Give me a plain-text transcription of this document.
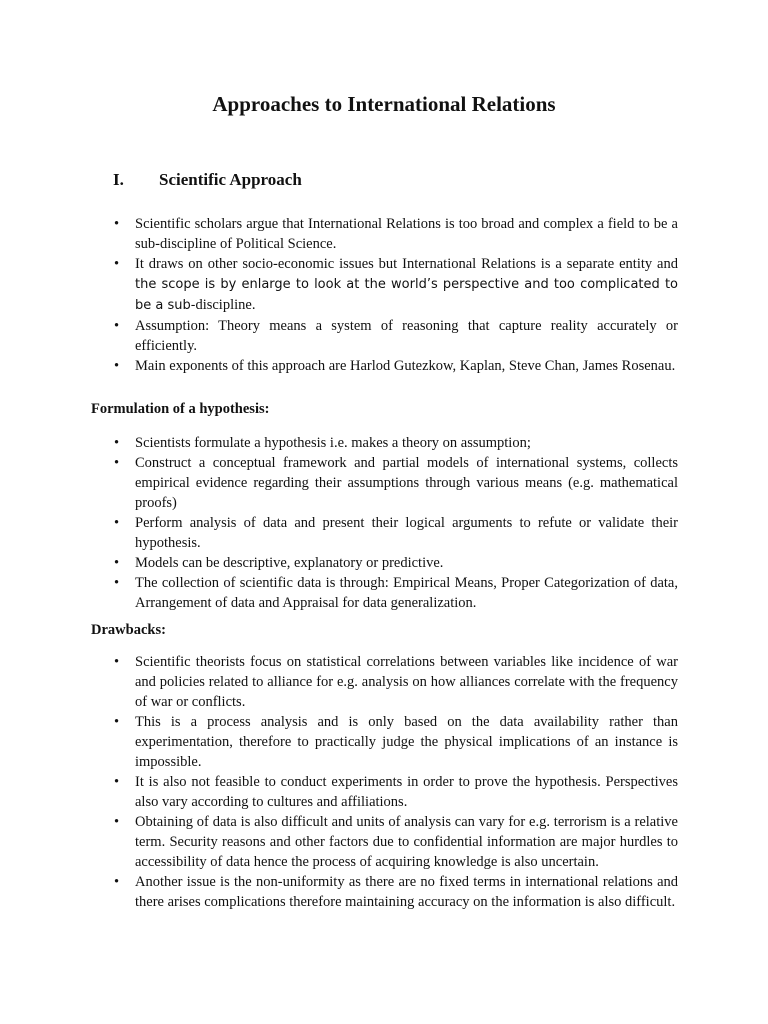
Approaches to International Relations
I. Scientific Approach
• Scientific scholars argue that International Relations is too broad and complex a field to be a sub-discipline of Political Science.
• It draws on other socio-economic issues but International Relations is a separate entity and the scope is by enlarge to look at the world’s perspective and too complicated to be a sub-discipline.
• Assumption: Theory means a system of reasoning that capture reality accurately or efficiently.
• Main exponents of this approach are Harlod Gutezkow, Kaplan, Steve Chan, James Rosenau.
Formulation of a hypothesis:
• Scientists formulate a hypothesis i.e. makes a theory on assumption;
• Construct a conceptual framework and partial models of international systems, collects empirical evidence regarding their assumptions through various means (e.g. mathematical proofs)
• Perform analysis of data and present their logical arguments to refute or validate their hypothesis.
• Models can be descriptive, explanatory or predictive.
• The collection of scientific data is through: Empirical Means, Proper Categorization of data, Arrangement of data and Appraisal for data generalization.
Drawbacks:
• Scientific theorists focus on statistical correlations between variables like incidence of war and policies related to alliance for e.g. analysis on how alliances correlate with the frequency of war or conflicts.
• This is a process analysis and is only based on the data availability rather than experimentation, therefore to practically judge the physical implications of an instance is impossible.
• It is also not feasible to conduct experiments in order to prove the hypothesis. Perspectives also vary according to cultures and affiliations.
• Obtaining of data is also difficult and units of analysis can vary for e.g. terrorism is a relative term. Security reasons and other factors due to confidential information are major hurdles to accessibility of data hence the process of acquiring knowledge is also uncertain.
• Another issue is the non-uniformity as there are no fixed terms in international relations and there arises complications therefore maintaining accuracy on the information is also difficult.
